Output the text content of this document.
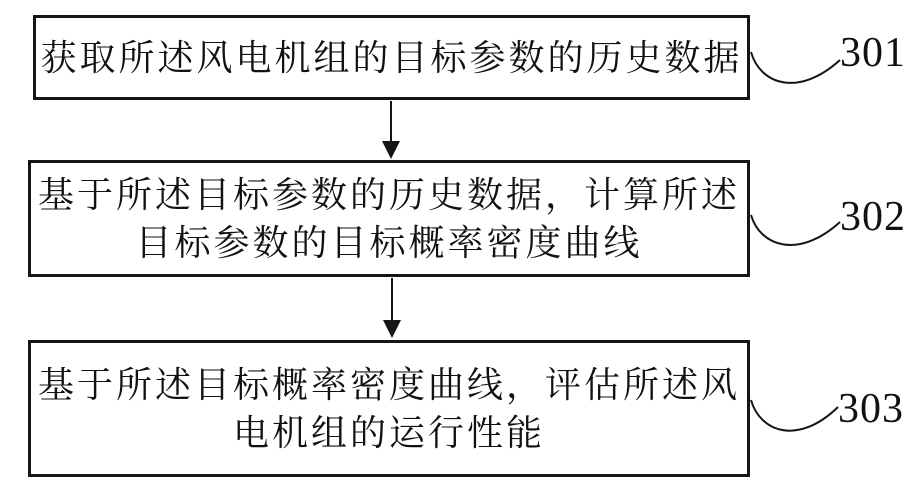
获取所述风电机组的目标参数的历史数据 301
基于所述目标参数的历史数据，计算所述
目标参数的目标概率密度曲线
302
基于所述目标概率密度曲线，评估所述风
电机组的运行性能
303
